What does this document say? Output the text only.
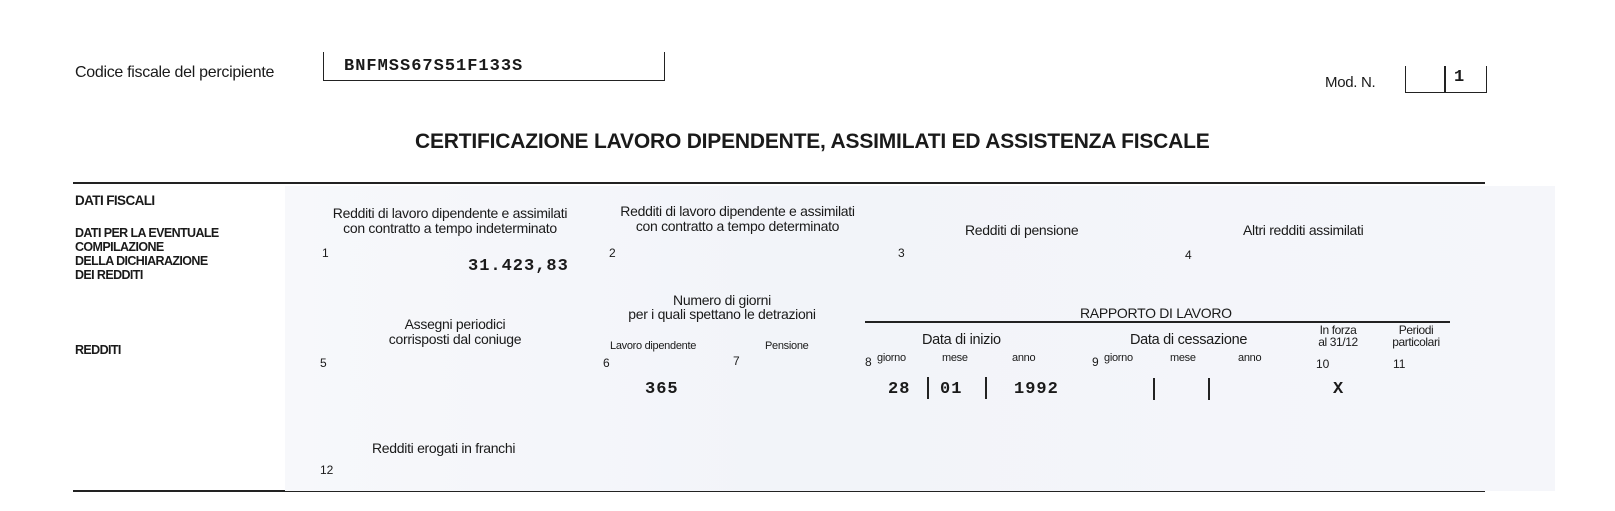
Codice fiscale del percipiente	BNFMSS67S51F133S
Mod. N.	1
CERTIFICAZIONE LAVORO DIPENDENTE, ASSIMILATI ED ASSISTENZA FISCALE
DATI FISCALI
DATI PER LA EVENTUALE
COMPILAZIONE
DELLA DICHIARAZIONE
DEI REDDITI
REDDITI
Redditi di lavoro dipendente e assimilati
con contratto a tempo indeterminato
1
31.423,83
Redditi di lavoro dipendente e assimilati
con contratto a tempo determinato
2
Redditi di pensione
3
Altri redditi assimilati
4
Assegni periodici
corrisposti dal coniuge
5
Numero di giorni
per i quali spettano le detrazioni
Lavoro dipendente
6
365
Pensione
7
RAPPORTO DI LAVORO
Data di inizio
8 giorno	mese	anno
28 01	1992
Data di cessazione
9 giorno	mese	anno
In forza
al 31/12
10
X
Periodi
particolari
11
Redditi erogati in franchi
12
